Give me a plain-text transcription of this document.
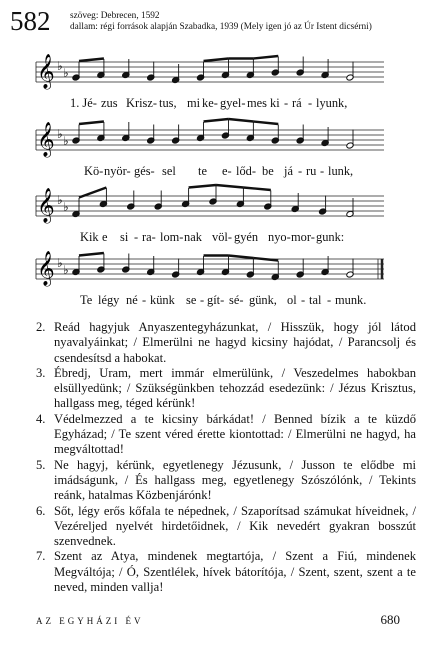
582 szöveg: Debrecen, 1592
dallam: régi források alapján Szabadka, 1939 (Mely igen jó az Úr Istent dicsérni)
𝄞 ♭ ♭
𝄞 ♭ ♭
𝄞 ♭ ♭
𝄞 ♭ ♭
1. Jé- zus Krisz- tus, mi ke- gyel- mes ki - rá - lyunk,
Kö-nyör- gés- sel te e- lőd- be já - ru - lunk,
Kik e si - ra- lom-nak völ- gyén nyo-mor-gunk:
Te légy né - künk se - gít- sé- günk, ol - tal - munk.
2. Reád hagyjuk Anyaszentegyházunkat, / Hisszük, hogy jól látod nyavalyáinkat; / Elmerülni ne hagyd kicsiny hajódat, / Parancsolj és csendesítsd a habokat.
3. Ébredj, Uram, mert immár elmerülünk, / Veszedelmes habokban elsüllyedünk; / Szükségünkben tehozzád esedezünk: / Jézus Krisztus, hallgass meg, téged kérünk!
4. Védelmezzed a te kicsiny bárkádat! / Benned bízik a te küzdő Egyházad; / Te szent véred érette kiontottad: / Elmerülni ne hagyd, ha megváltottad!
5. Ne hagyj, kérünk, egyetlenegy Jézusunk, / Jusson te elődbe mi imádságunk, / És hallgass meg, egyetlenegy Szószólónk, / Tekints reánk, hatalmas Közbenjárónk!
6. Sőt, légy erős kőfala te népednek, / Szaporítsad számukat híveidnek, / Vezéreljed nyelvét hirdetőidnek, / Kik nevedért gyakran bosszút szenvednek.
7. Szent az Atya, mindenek megtartója, / Szent a Fiú, mindenek Megváltója; / Ó, Szentlélek, hívek bátorítója, / Szent, szent, szent a te neved, minden vallja!
AZ EGYHÁZI ÉV	680
